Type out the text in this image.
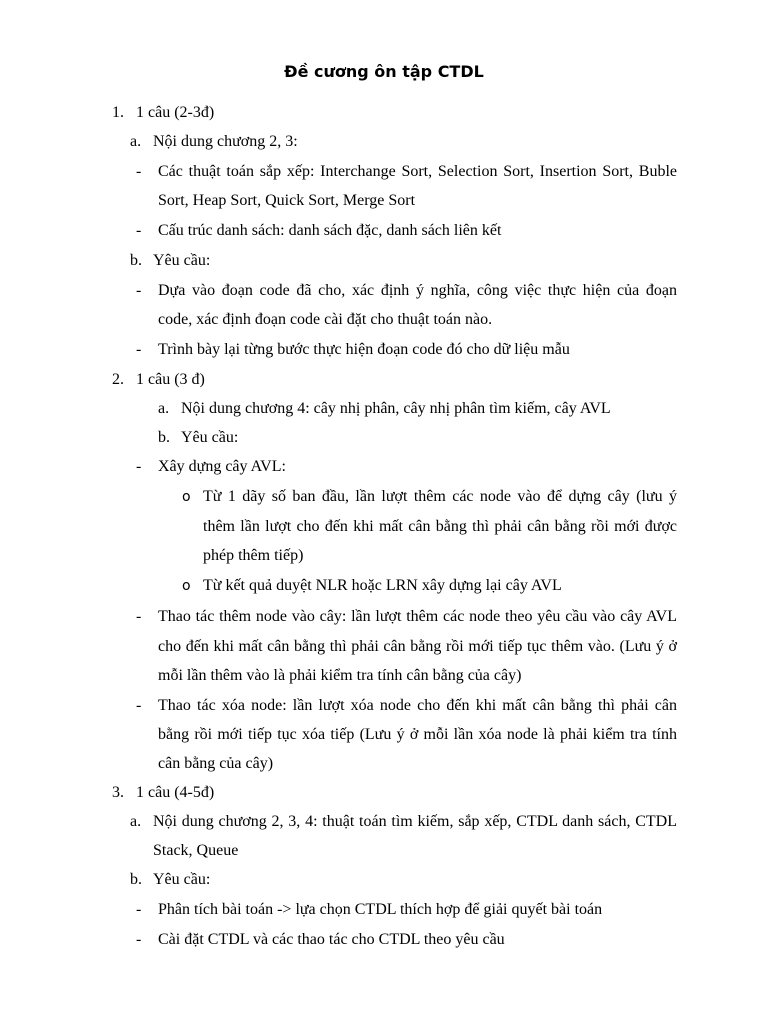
Đề cương ôn tập CTDL
1. 1 câu (2-3đ)
a. Nội dung chương 2, 3:
- Các thuật toán sắp xếp: Interchange Sort, Selection Sort, Insertion Sort, Buble
Sort, Heap Sort, Quick Sort, Merge Sort
- Cấu trúc danh sách: danh sách đặc, danh sách liên kết
b. Yêu cầu:
- Dựa vào đoạn code đã cho, xác định ý nghĩa, công việc thực hiện của đoạn
code, xác định đoạn code cài đặt cho thuật toán nào.
- Trình bày lại từng bước thực hiện đoạn code đó cho dữ liệu mẫu
2. 1 câu (3 đ)
a. Nội dung chương 4: cây nhị phân, cây nhị phân tìm kiếm, cây AVL
b. Yêu cầu:
- Xây dựng cây AVL:
o Từ 1 dãy số ban đầu, lần lượt thêm các node vào để dựng cây (lưu ý
thêm lần lượt cho đến khi mất cân bằng thì phải cân bằng rồi mới được
phép thêm tiếp)
o Từ kết quả duyệt NLR hoặc LRN xây dựng lại cây AVL
- Thao tác thêm node vào cây: lần lượt thêm các node theo yêu cầu vào cây AVL
cho đến khi mất cân bằng thì phải cân bằng rồi mới tiếp tục thêm vào. (Lưu ý ở
mỗi lần thêm vào là phải kiểm tra tính cân bằng của cây)
- Thao tác xóa node: lần lượt xóa node cho đến khi mất cân bằng thì phải cân
bằng rồi mới tiếp tục xóa tiếp (Lưu ý ở mỗi lần xóa node là phải kiểm tra tính
cân bằng của cây)
3. 1 câu (4-5đ)
a. Nội dung chương 2, 3, 4: thuật toán tìm kiếm, sắp xếp, CTDL danh sách, CTDL
Stack, Queue
b. Yêu cầu:
- Phân tích bài toán -> lựa chọn CTDL thích hợp để giải quyết bài toán
- Cài đặt CTDL và các thao tác cho CTDL theo yêu cầu
